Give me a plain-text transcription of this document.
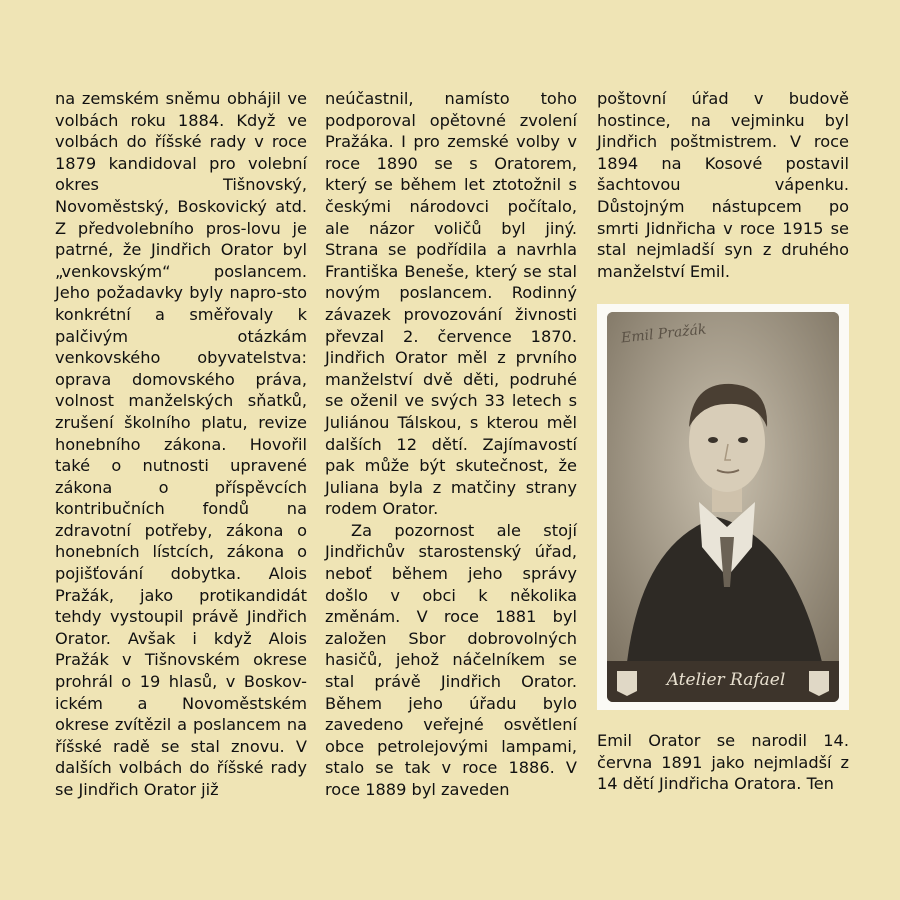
na zemském sněmu obhájil ve volbách roku 1884. Když ve volbách do říšské rady v roce 1879 kandidoval pro volební okres Tišnovský, Novoměstský, Boskovický atd. Z předvolebního pros-lovu je patrné, že Jindřich Orator byl „venkovským“ poslancem. Jeho požadavky byly napro-sto konkrétní a směřovaly k palčivým otázkám venkovského obyvatelstva: oprava domovského práva, volnost manželských sňatků, zrušení školního platu, revize honebního zákona. Hovořil také o nutnosti upravené zákona o příspěvcích kontribučních fondů na zdravotní potřeby, zákona o honebních lístcích, zákona o pojišťování dobytka. Alois Pražák, jako protikandidát tehdy vystoupil právě Jindřich Orator. Avšak i když Alois Pražák v Tišnovském okrese prohrál o 19 hlasů, v Boskov-ickém a Novoměstském okrese zvítězil a poslancem na říšské radě se stal znovu. V dalších volbách do říšské rady se Jindřich Orator již

neúčastnil, namísto toho podporoval opětovné zvolení Pražáka. I pro zemské volby v roce 1890 se s Oratorem, který se během let ztotožnil s českými národovci počítalo, ale názor voličů byl jiný. Strana se podřídila a navrhla Františka Beneše, který se stal novým poslancem. Rodinný závazek provozování živnosti převzal 2. července 1870. Jindřich Orator měl z prvního manželství dvě děti, podruhé se oženil ve svých 33 letech s Juliánou Tálskou, s kterou měl dalších 12 dětí. Zajímavostí pak může být skutečnost, že Juliana byla z matčiny strany rodem Orator.

Za pozornost ale stojí Jindřichův starostenský úřad, neboť během jeho správy došlo v obci k několika změnám. V roce 1881 byl založen Sbor dobrovolných hasičů, jehož náčelníkem se stal právě Jindřich Orator. Během jeho úřadu bylo zavedeno veřejné osvětlení obce petrolejovými lampami, stalo se tak v roce 1886. V roce 1889 byl zaveden

poštovní úřad v budově hostince, na vejminku byl Jindřich poštmistrem. V roce 1894 na Kosové postavil šachtovou vápenku. Důstojným nástupcem po smrti Jidnřicha v roce 1915 se stal nejmladší syn z druhého manželství Emil.

Emil Pražák
Atelier Rafael

Emil Orator se narodil 14. června 1891 jako nejmladší z 14 dětí Jindřicha Oratora. Ten
